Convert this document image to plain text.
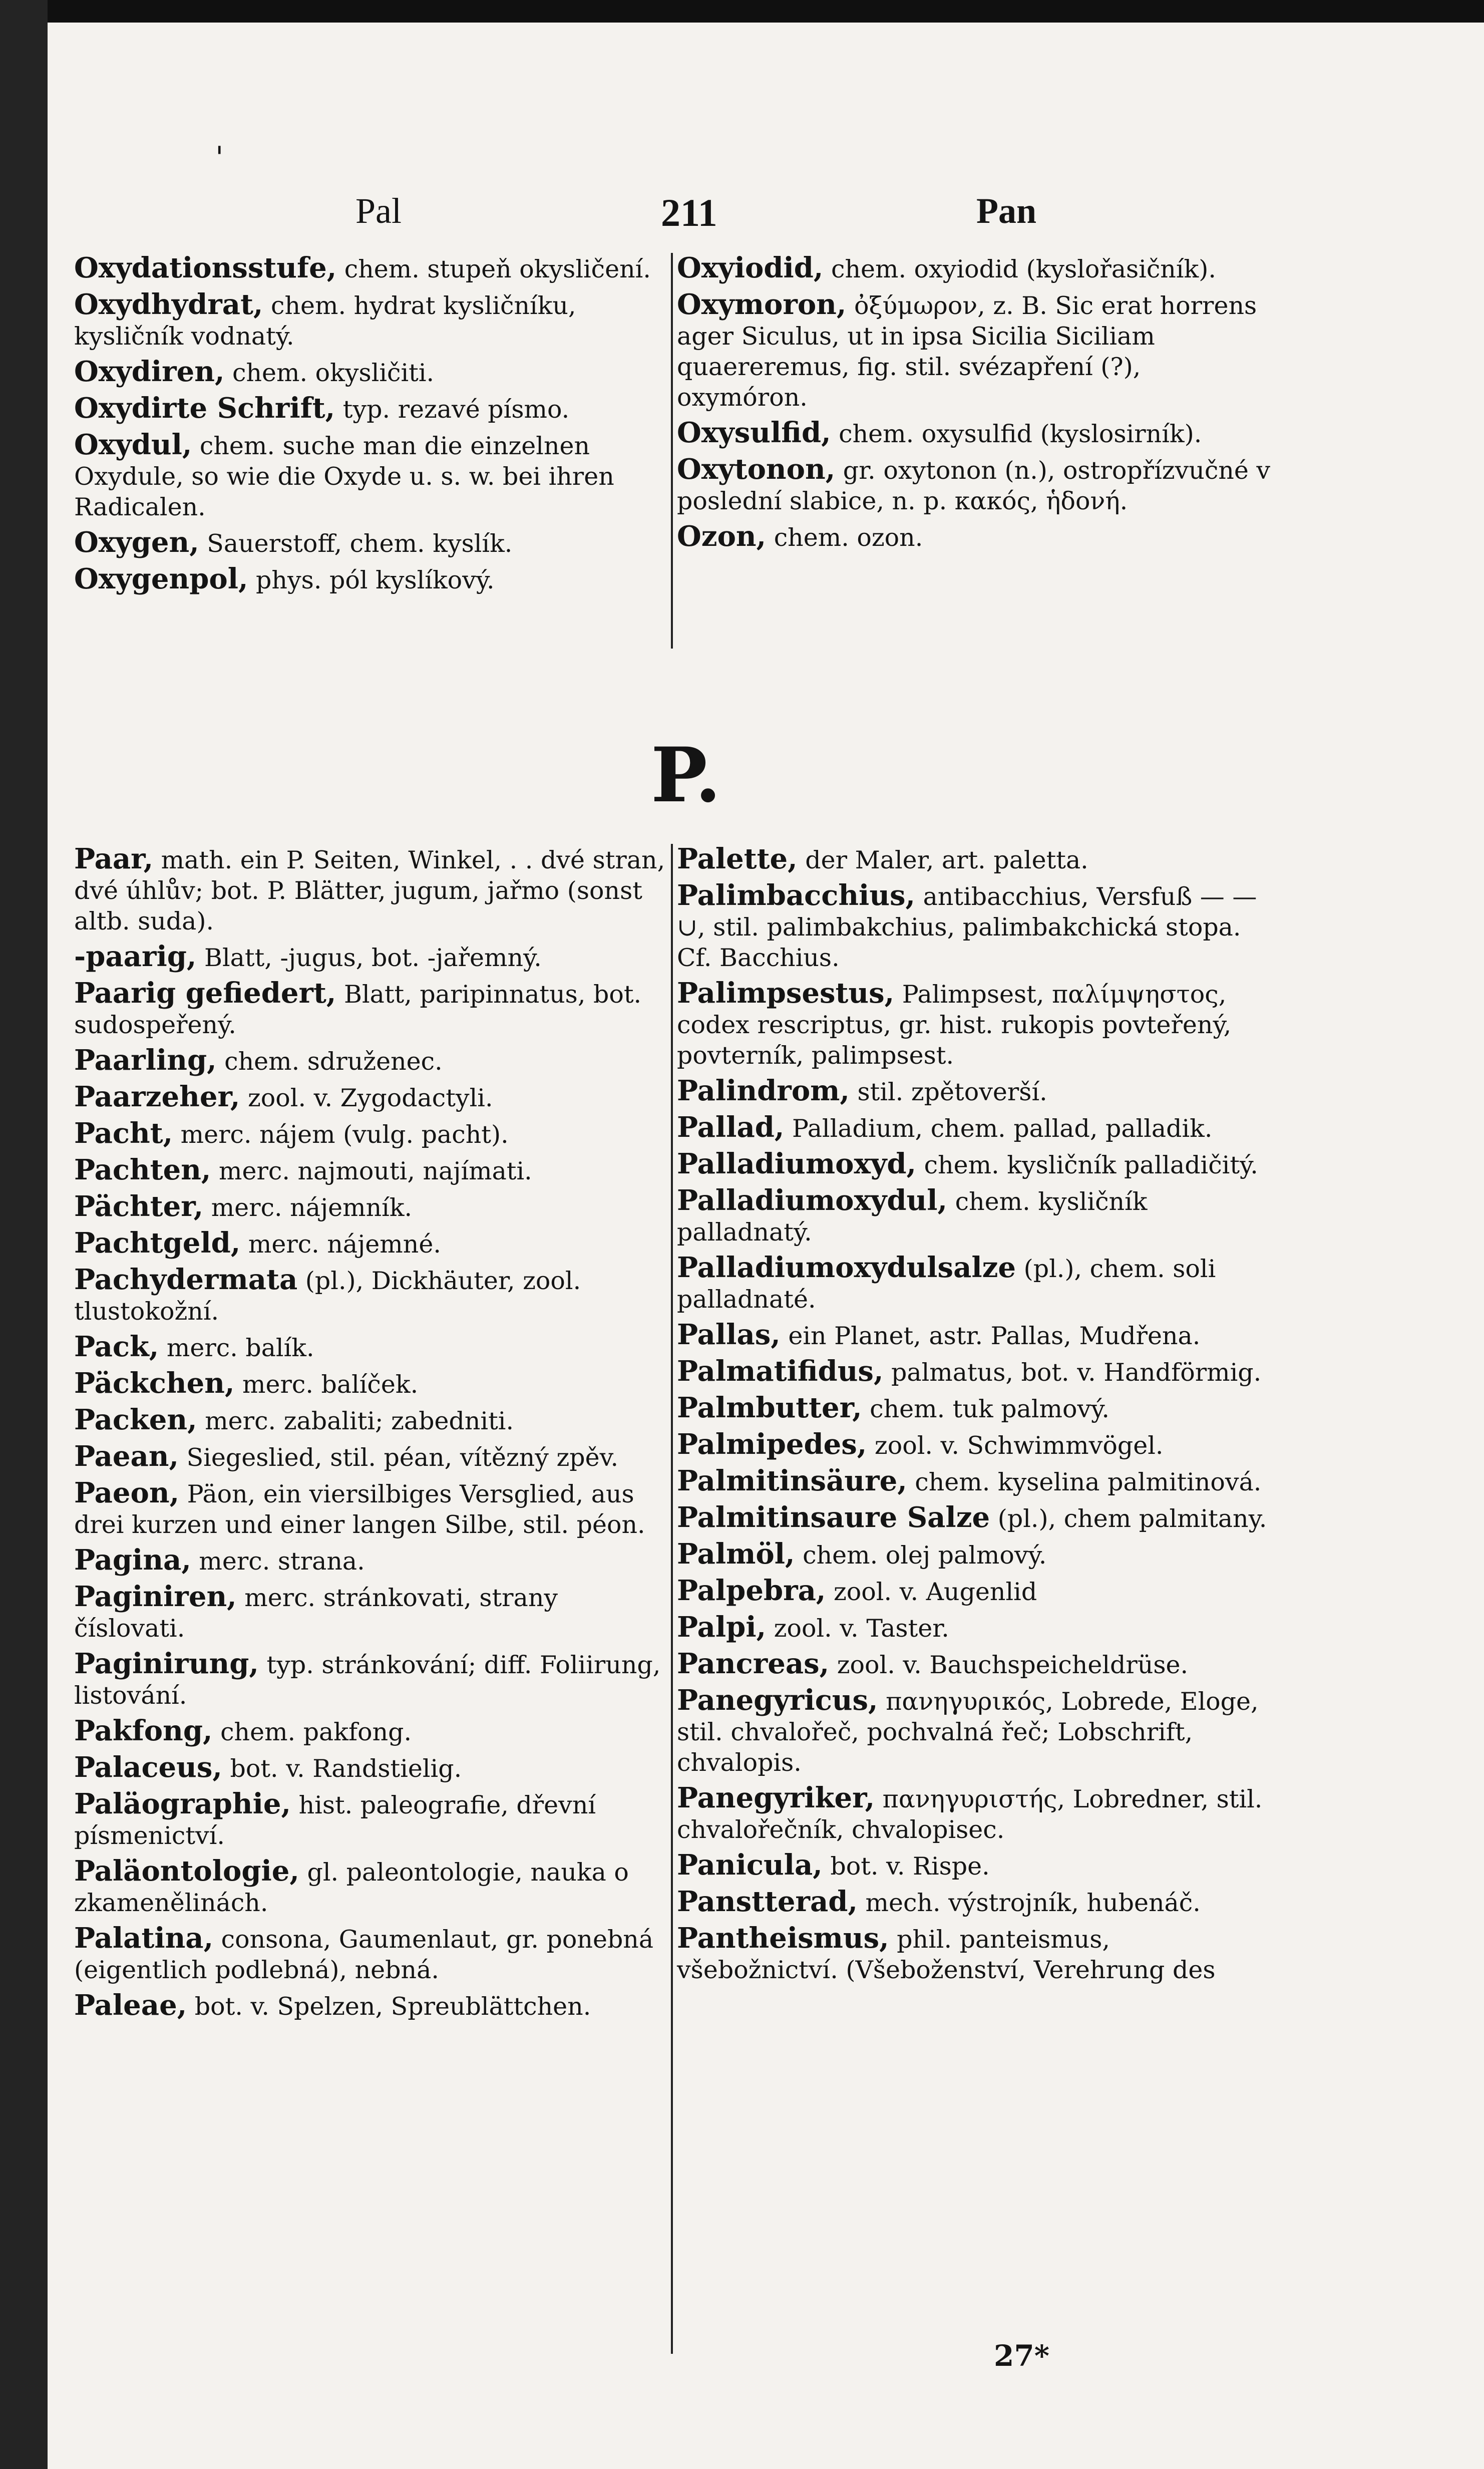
'
Pal	211	Pan
Oxydationsstufe, chem. stupeň okysličení.
Oxydhydrat, chem. hydrat kysličníku, kysličník vodnatý.
Oxydiren, chem. okysličiti.
Oxydirte Schrift, typ. rezavé písmo.
Oxydul, chem. suche man die einzelnen Oxydule, so wie die Oxyde u. s. w. bei ihren Radicalen.
Oxygen, Sauerstoff, chem. kyslík.
Oxygenpol, phys. pól kyslíkový.
Oxyiodid, chem. oxyiodid (kyslořasičník).
Oxymoron, ὀξύμωρον, z. B. Sic erat horrens ager Siculus, ut in ipsa Sicilia Siciliam quaereremus, fig. stil. svézapření (?), oxymóron.
Oxysulfid, chem. oxysulfid (kyslosirník).
Oxytonon, gr. oxytonon (n.), ostropřízvučné v poslední slabice, n. p. κακός, ἡδονή.
Ozon, chem. ozon.
P.
Paar, math. ein P. Seiten, Winkel, . . dvé stran, dvé úhlův; bot. P. Blätter, jugum, jařmo (sonst altb. suda).
-paarig, Blatt, -jugus, bot. -jařemný.
Paarig gefiedert, Blatt, paripinnatus, bot. sudospeřený.
Paarling, chem. sdruženec.
Paarzeher, zool. v. Zygodactyli.
Pacht, merc. nájem (vulg. pacht).
Pachten, merc. najmouti, najímati.
Pächter, merc. nájemník.
Pachtgeld, merc. nájemné.
Pachydermata (pl.), Dickhäuter, zool. tlustokožní.
Pack, merc. balík.
Päckchen, merc. balíček.
Packen, merc. zabaliti; zabedniti.
Paean, Siegeslied, stil. péan, vítězný zpěv.
Paeon, Päon, ein viersilbiges Versglied, aus drei kurzen und einer langen Silbe, stil. péon.
Pagina, merc. strana.
Paginiren, merc. stránkovati, strany číslovati.
Paginirung, typ. stránkování; diff. Foliirung, listování.
Pakfong, chem. pakfong.
Palaceus, bot. v. Randstielig.
Paläographie, hist. paleografie, dřevní písmenictví.
Paläontologie, gl. paleontologie, nauka o zkamenělinách.
Palatina, consona, Gaumenlaut, gr. ponebná (eigentlich podlebná), nebná.
Paleae, bot. v. Spelzen, Spreublättchen.
Palette, der Maler, art. paletta.
Palimbacchius, antibacchius, Versfuß — — ∪, stil. palimbakchius, palimbakchická stopa. Cf. Bacchius.
Palimpsestus, Palimpsest, παλίμψηστος, codex rescriptus, gr. hist. rukopis povteřený, povterník, palimpsest.
Palindrom, stil. zpětoverší.
Pallad, Palladium, chem. pallad, palladik.
Palladiumoxyd, chem. kysličník palladičitý.
Palladiumoxydul, chem. kysličník palladnatý.
Palladiumoxydulsalze (pl.), chem. soli palladnaté.
Pallas, ein Planet, astr. Pallas, Mudřena.
Palmatifidus, palmatus, bot. v. Handförmig.
Palmbutter, chem. tuk palmový.
Palmipedes, zool. v. Schwimmvögel.
Palmitinsäure, chem. kyselina palmitinová.
Palmitinsaure Salze (pl.), chem palmitany.
Palmöl, chem. olej palmový.
Palpebra, zool. v. Augenlid
Palpi, zool. v. Taster.
Pancreas, zool. v. Bauchspeicheldrüse.
Panegyricus, πανηγυρικός, Lobrede, Eloge, stil. chvalořeč, pochvalná řeč; Lobschrift, chvalopis.
Panegyriker, πανηγυριστής, Lobredner, stil. chvalořečník, chvalopisec.
Panicula, bot. v. Rispe.
Panstterad, mech. výstrojník, hubenáč.
Pantheismus, phil. panteismus, všebožnictví. (Všeboženství, Verehrung des
27*
